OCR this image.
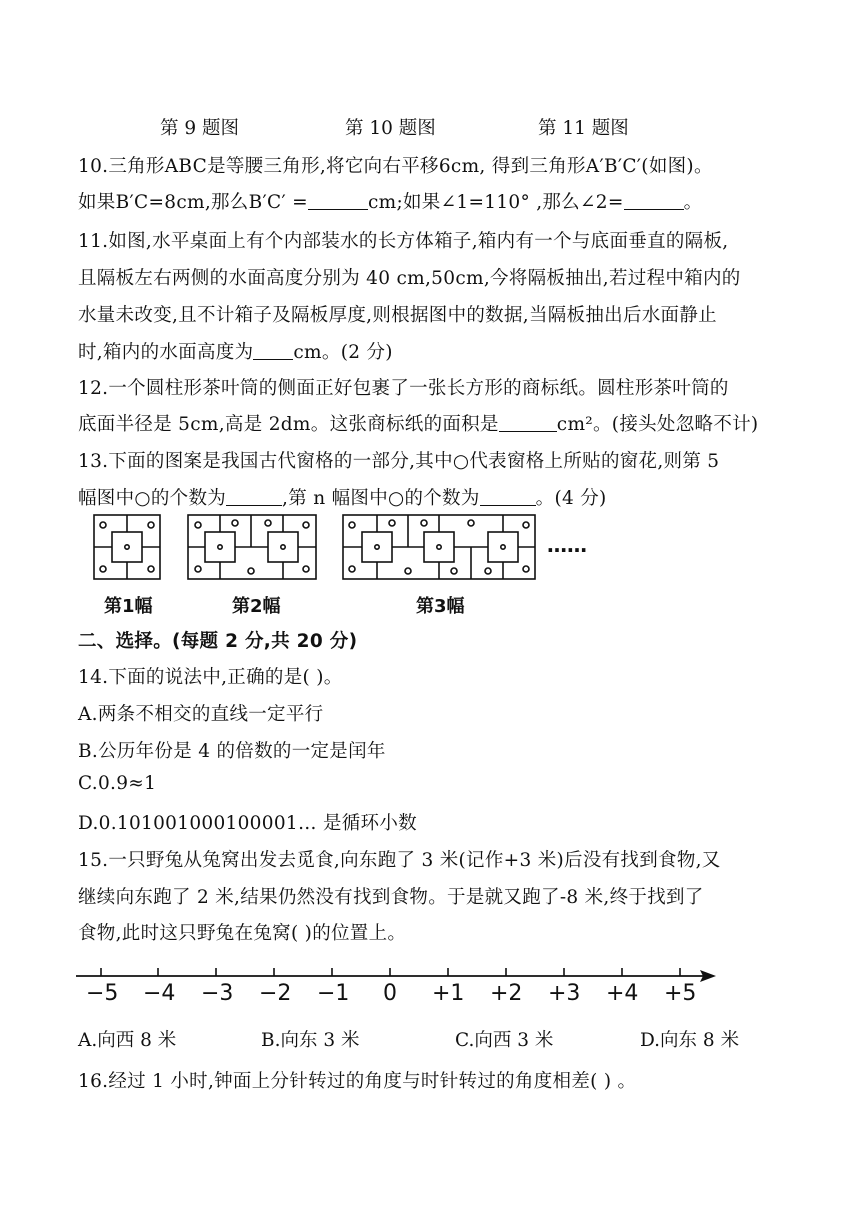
第 9 题图	第 10 题图	第 11 题图
10.三角形ABC是等腰三角形,将它向右平移6cm, 得到三角形A′B′C′(如图)。
如果B′C=8cm,那么B′C′ =	cm;如果∠1=110° ,那么∠2=	。
11.如图,水平桌面上有个内部装水的长方体箱子,箱内有一个与底面垂直的隔板,
且隔板左右两侧的水面高度分别为 40 cm,50cm,今将隔板抽出,若过程中箱内的
水量未改变,且不计箱子及隔板厚度,则根据图中的数据,当隔板抽出后水面静止
时,箱内的水面高度为 cm。(2 分)
12.一个圆柱形茶叶筒的侧面正好包裹了一张长方形的商标纸。圆柱形茶叶筒的
底面半径是 5cm,高是 2dm。这张商标纸的面积是	cm²。(接头处忽略不计)
13.下面的图案是我国古代窗格的一部分,其中○代表窗格上所贴的窗花,则第 5
幅图中○的个数为	,第 n 幅图中○的个数为	。(4 分)
……
第1幅	第2幅	第3幅
二、选择。(每题 2 分,共 20 分)
14.下面的说法中,正确的是( )。
A.两条不相交的直线一定平行
B.公历年份是 4 的倍数的一定是闰年
C.0.9≈1
D.0.101001000100001… 是循环小数
15.一只野兔从兔窝出发去觅食,向东跑了 3 米(记作+3 米)后没有找到食物,又
继续向东跑了 2 米,结果仍然没有找到食物。于是就又跑了-8 米,终于找到了
食物,此时这只野兔在兔窝( )的位置上。
−5 −4 −3 −2 −1 0 +1 +2 +3 +4 +5
A.向西 8 米	B.向东 3 米	C.向西 3 米	D.向东 8 米
16.经过 1 小时,钟面上分针转过的角度与时针转过的角度相差( ) 。
